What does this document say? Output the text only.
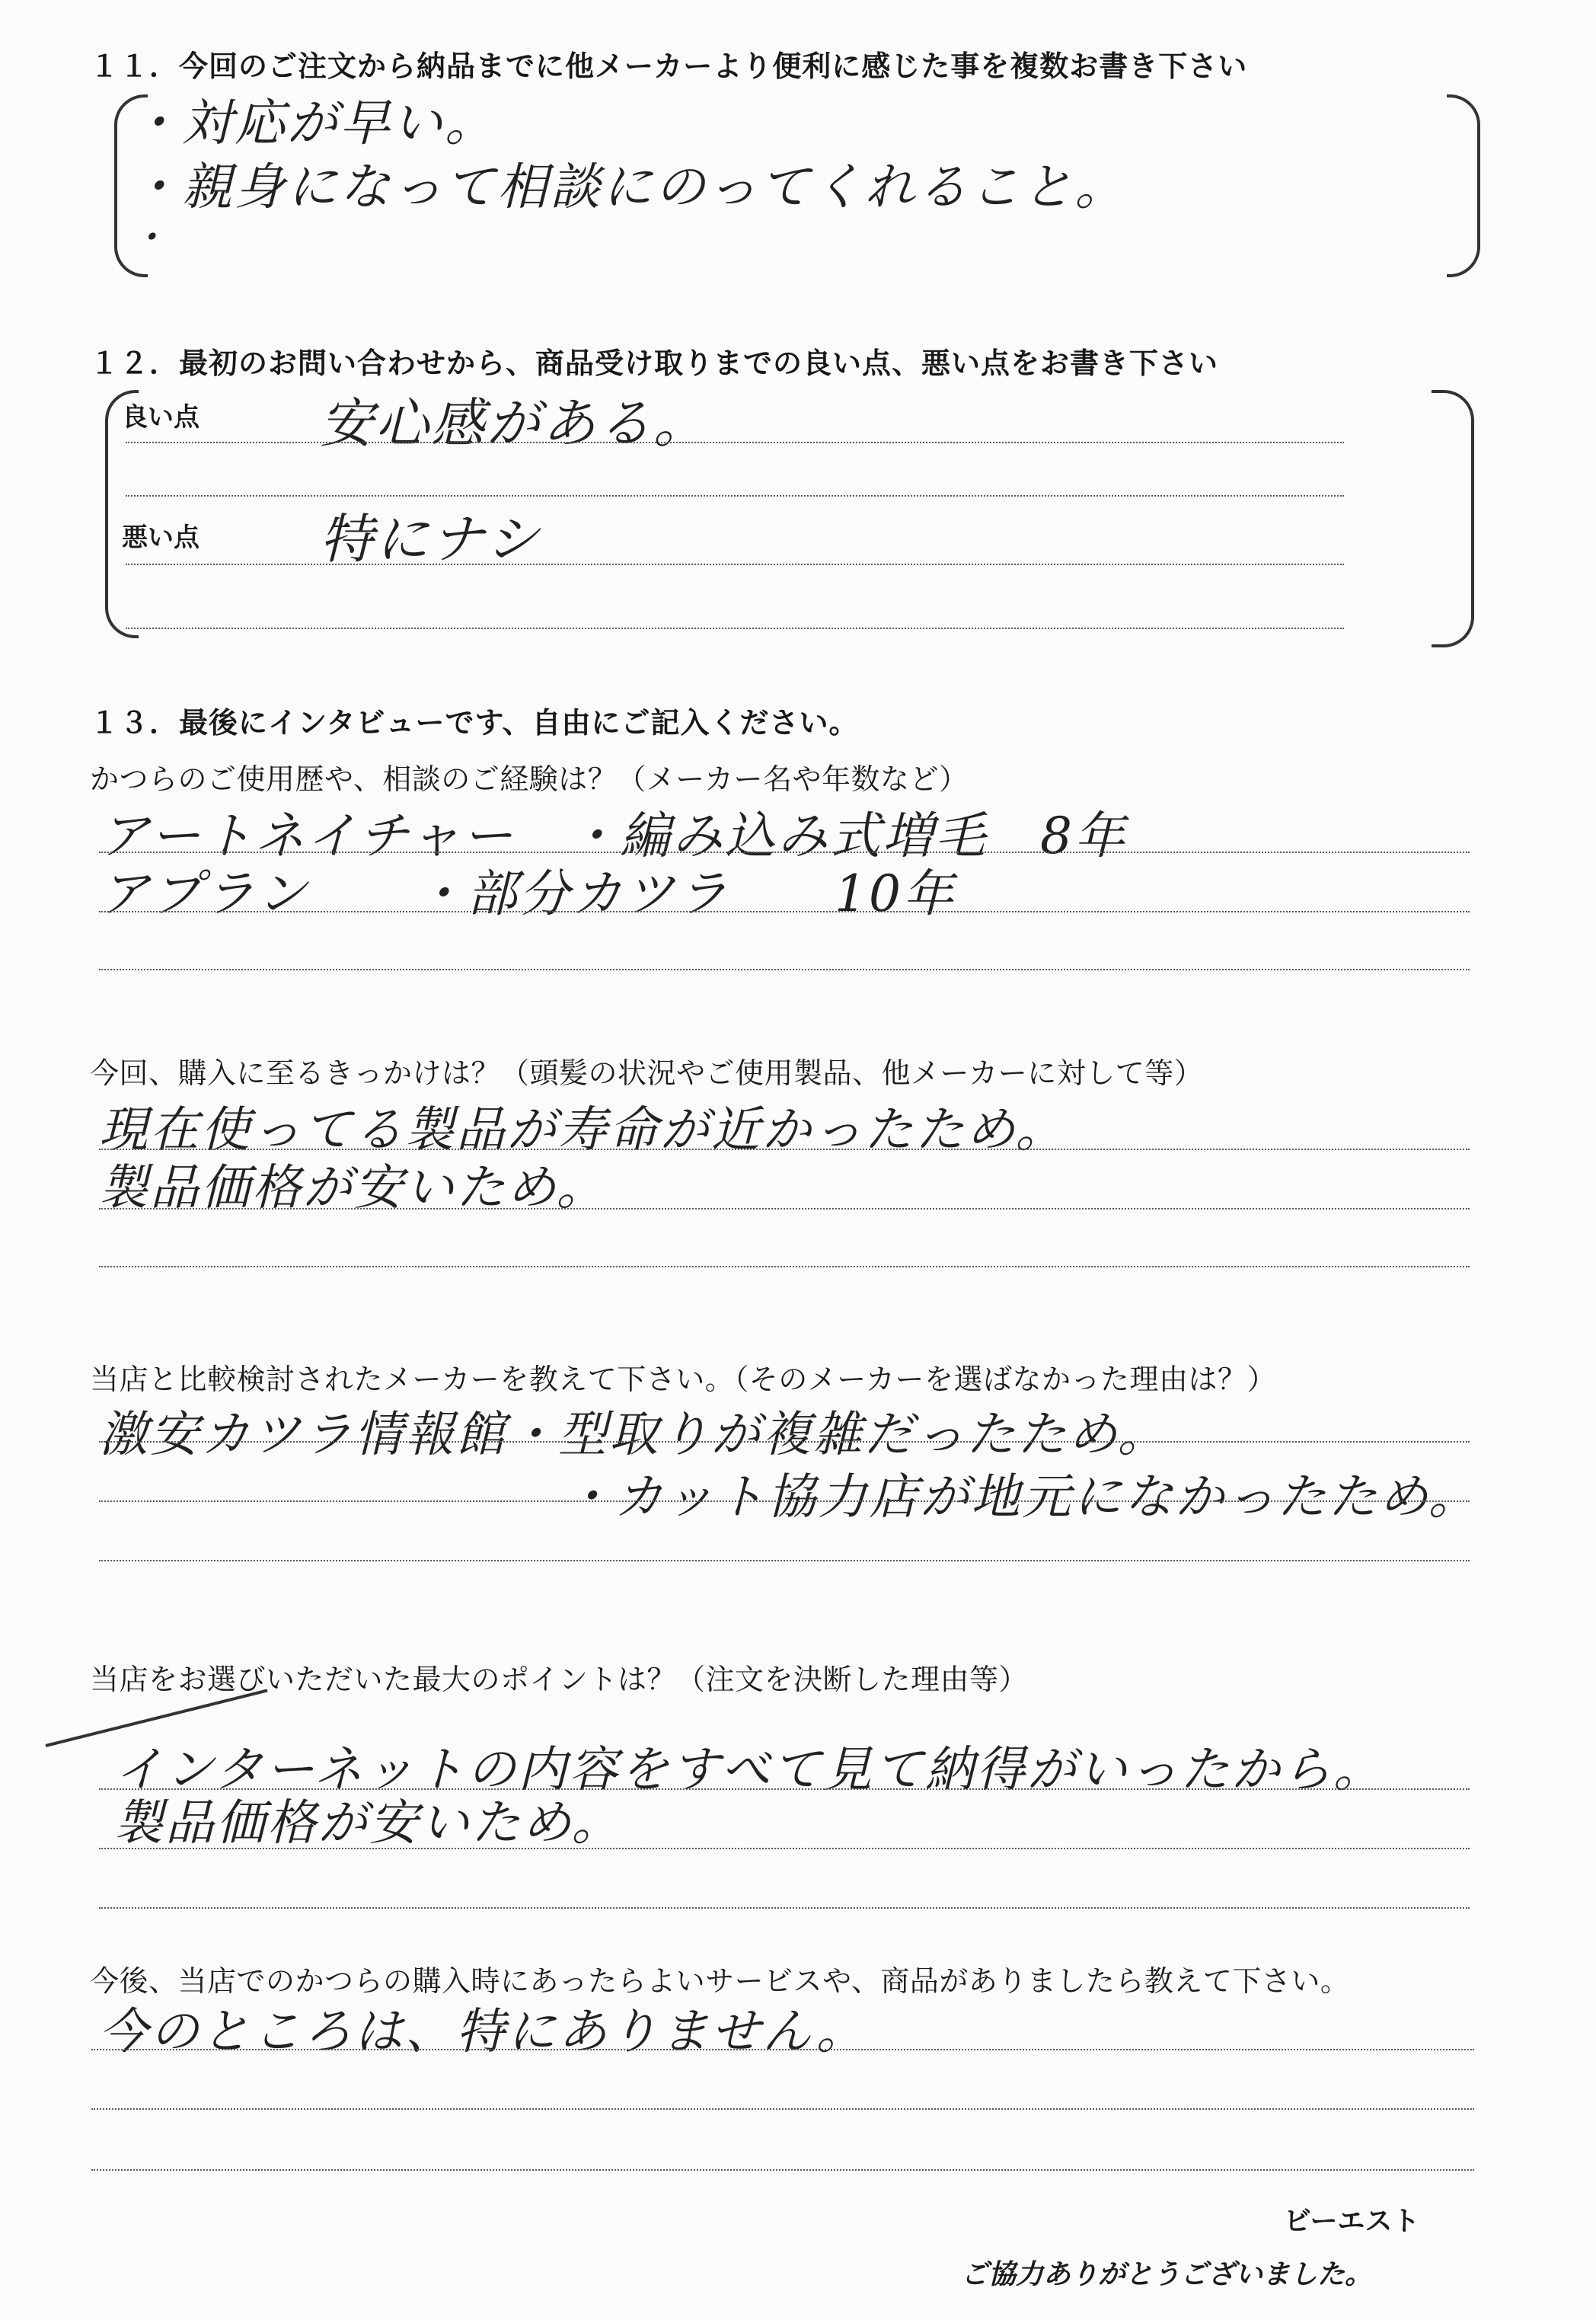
１１．今回のご注文から納品までに他メーカーより便利に感じた事を複数お書き下さい
・対応が早い。
・親身になって相談にのってくれること。
・
１２．最初のお問い合わせから、商品受け取りまでの良い点、悪い点をお書き下さい
良い点 安心感がある。
悪い点 特にナシ
１３．最後にインタビューです、自由にご記入ください。
かつらのご使用歴や、相談のご経験は？（メーカー名や年数など）
アートネイチャー　・編み込み式増毛　8年
アプラン　　・部分カツラ　　10年
今回、購入に至るきっかけは？（頭髪の状況やご使用製品、他メーカーに対して等）
現在使ってる製品が寿命が近かったため。
製品価格が安いため。
当店と比較検討されたメーカーを教えて下さい。（そのメーカーを選ばなかった理由は？）
激安カツラ情報館・型取りが複雑だったため。
・カット協力店が地元になかったため。
当店をお選びいただいた最大のポイントは？（注文を決断した理由等）
インターネットの内容をすべて見て納得がいったから。
製品価格が安いため。
今後、当店でのかつらの購入時にあったらよいサービスや、商品がありましたら教えて下さい。
今のところは、特にありません。
ビーエスト
ご協力ありがとうございました。
